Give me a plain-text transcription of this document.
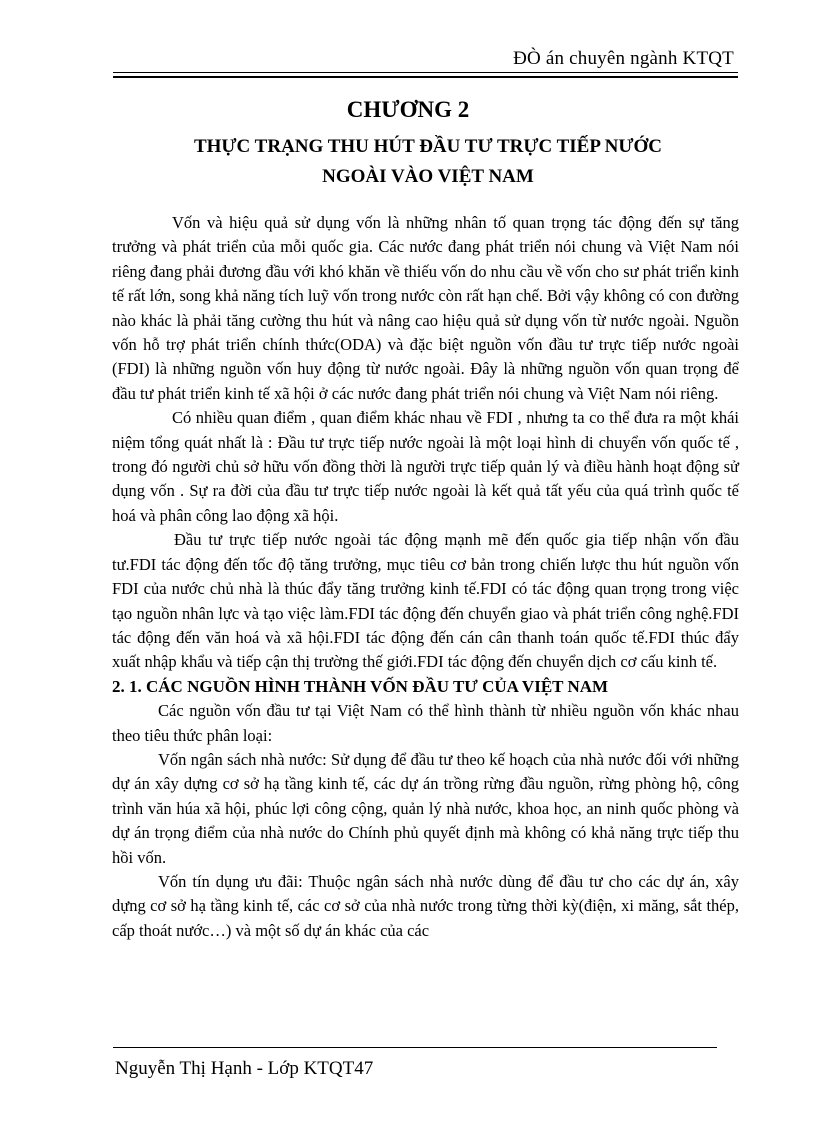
ĐÒ án chuyên ngành KTQT
CHƯƠNG 2
THỰC TRẠNG THU HÚT ĐẦU TƯ TRỰC TIẾP NƯỚC
NGOÀI VÀO VIỆT NAM

Vốn và hiệu quả sử dụng vốn là những nhân tố quan trọng tác động đến sự tăng trưởng và phát triển của mỗi quốc gia. Các nước đang phát triển nói chung và Việt Nam nói riêng đang phải đương đầu với khó khăn về thiếu vốn do nhu cầu về vốn cho sư phát triển kinh tế rất lớn, song khả năng tích luỹ vốn trong nước còn rất hạn chế. Bởi vậy không có con đường nào khác là phải tăng cường thu hút và nâng cao hiệu quả sử dụng vốn từ nước ngoài. Nguồn vốn hỗ trợ phát triển chính thức(ODA) và đặc biệt nguồn vốn đầu tư trực tiếp nước ngoài (FDI) là những nguồn vốn huy động từ nước ngoài. Đây là những nguồn vốn quan trọng để đầu tư phát triển kinh tế xã hội ở các nước đang phát triển nói chung và Việt Nam nói riêng.

Có nhiều quan điểm , quan điểm khác nhau về FDI , nhưng ta co thể đưa ra một khái niệm tổng quát nhất là : Đầu tư trực tiếp nước ngoài là một loại hình di chuyển vốn quốc tế , trong đó người chủ sở hữu vốn đồng thời là người trực tiếp quản lý và điều hành hoạt động sử dụng vốn . Sự ra đời của đầu tư trực tiếp nước ngoài là kết quả tất yếu của quá trình quốc tế hoá và phân công lao động xã hội.

Đầu tư trực tiếp nước ngoài tác động mạnh mẽ đến quốc gia tiếp nhận vốn đầu tư.FDI tác động đến tốc độ tăng trưởng, mục tiêu cơ bản trong chiến lược thu hút nguồn vốn FDI của nước chủ nhà là thúc đẩy tăng trưởng kinh tế.FDI có tác động quan trọng trong việc tạo nguồn nhân lực và tạo việc làm.FDI tác động đến chuyển giao và phát triển công nghệ.FDI tác động đến văn hoá và xã hội.FDI tác động đến cán cân thanh toán quốc tế.FDI thúc đẩy xuất nhập khẩu và tiếp cận thị trường thế giới.FDI tác động đến chuyển dịch cơ cấu kinh tế.

2. 1. CÁC NGUỒN HÌNH THÀNH VỐN ĐẦU TƯ CỦA VIỆT NAM

Các nguồn vốn đầu tư tại Việt Nam có thể hình thành từ nhiều nguồn vốn khác nhau theo tiêu thức phân loại:

Vốn ngân sách nhà nước: Sử dụng để đầu tư theo kế hoạch của nhà nước đối với những dự án xây dựng cơ sở hạ tầng kinh tế, các dự án trồng rừng đầu nguồn, rừng phòng hộ, công trình văn húa xã hội, phúc lợi công cộng, quản lý nhà nước, khoa học, an ninh quốc phòng và dự án trọng điểm của nhà nước do Chính phủ quyết định mà không có khả năng trực tiếp thu hồi vốn.

Vốn tín dụng ưu đãi: Thuộc ngân sách nhà nước dùng để đầu tư cho các dự án, xây dựng cơ sở hạ tầng kinh tế, các cơ sở của nhà nước trong từng thời kỳ(điện, xi măng, sắt thép, cấp thoát nước…) và một số dự án khác của các

Nguyễn Thị Hạnh - Lớp KTQT47
